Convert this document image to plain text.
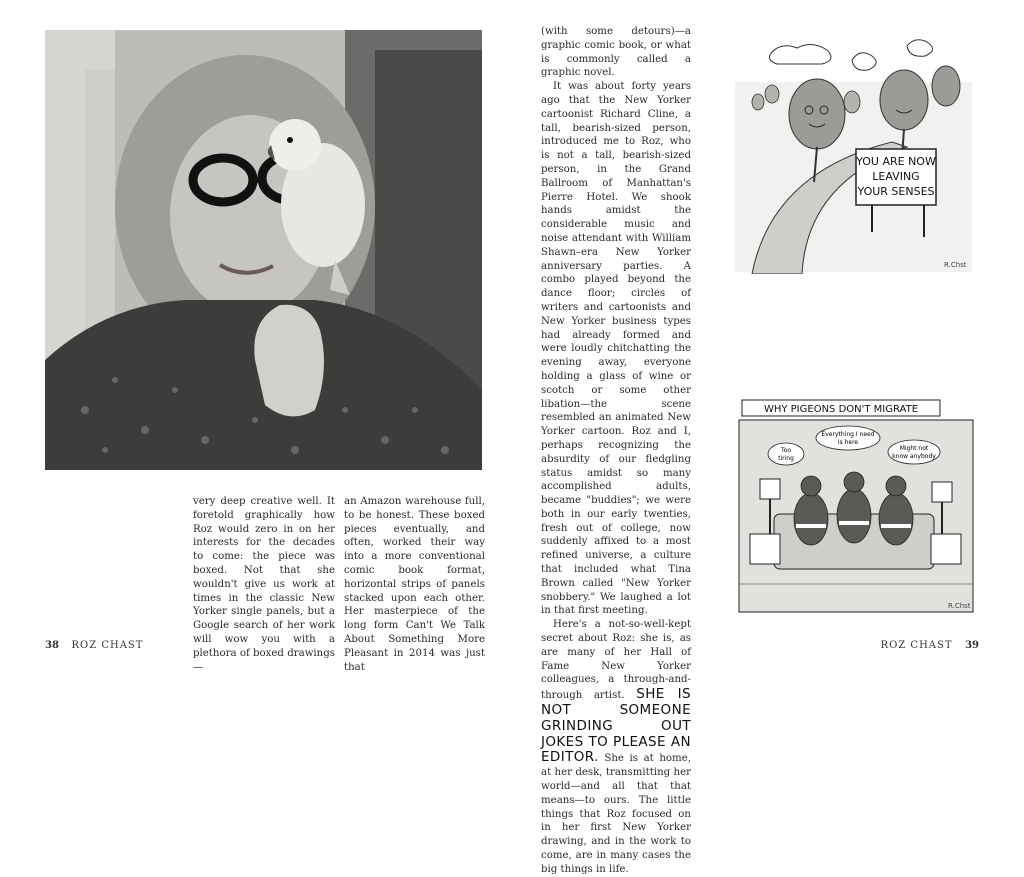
very deep creative well. It foretold graphically how Roz would zero in on her interests for the decades to come: the piece was boxed. Not that she wouldn't give us work at times in the classic New Yorker single panels, but a Google search of her work will wow you with a plethora of boxed drawings—

an Amazon warehouse full, to be honest. These boxed pieces eventually, and often, worked their way into a more conventional comic book format, horizontal strips of panels stacked upon each other. Her masterpiece of the long form Can't We Talk About Something More Pleasant in 2014 was just that

38 ROZ CHAST	ROZ CHAST 39

(with some detours)—a graphic comic book, or what is commonly called a graphic novel.

It was about forty years ago that the New Yorker cartoonist Richard Cline, a tall, bearish-sized person, introduced me to Roz, who is not a tall, bearish-sized person, in the Grand Ballroom of Manhattan's Pierre Hotel. We shook hands amidst the considerable music and noise attendant with William Shawn–era New Yorker anniversary parties. A combo played beyond the dance floor; circles of writers and cartoonists and New Yorker business types had already formed and were loudly chitchatting the evening away, everyone holding a glass of wine or scotch or some other libation—the scene resembled an animated New Yorker cartoon. Roz and I, perhaps recognizing the absurdity of our fledgling status amidst so many accomplished adults, became "buddies"; we were both in our early twenties, fresh out of college, now suddenly affixed to a most refined universe, a culture that included what Tina Brown called "New Yorker snobbery." We laughed a lot in that first meeting.

Here's a not-so-well-kept secret about Roz: she is, as are many of her Hall of Fame New Yorker colleagues, a through-and-through artist. SHE IS NOT SOMEONE GRINDING OUT JOKES TO PLEASE AN EDITOR. She is at home, at her desk, transmitting her world—and all that that means—to ours. The little things that Roz focused on in her first New Yorker drawing, and in the work to come, are in many cases the big things in life.

YOU ARE NOW
LEAVING
YOUR SENSES
R.Chst
WHY PIGEONS DON'T MIGRATE
Too
tiring
Everything I need
is here
Might not
know anybody
R.Chst
